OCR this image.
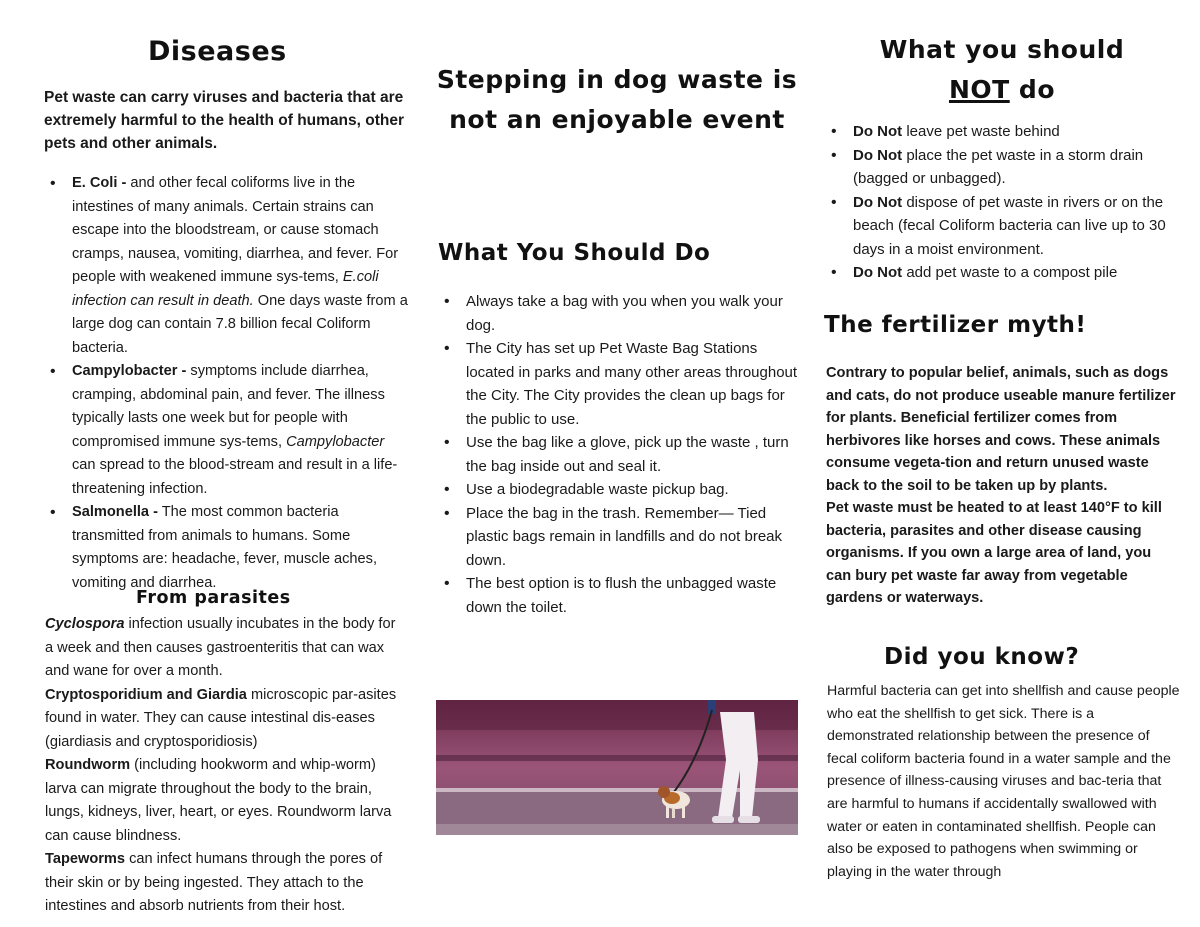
Diseases
Pet waste can carry viruses and bacteria that are extremely harmful to the health of humans, other pets and other animals.
• E. Coli - and other fecal coliforms live in the intestines of many animals. Certain strains can escape into the bloodstream, or cause stomach cramps, nausea, vomiting, diarrhea, and fever. For people with weakened immune sys-tems, E.coli infection can result in death. One days waste from a large dog can contain 7.8 billion fecal Coliform bacteria.
• Campylobacter - symptoms include diarrhea, cramping, abdominal pain, and fever. The illness typically lasts one week but for people with compromised immune sys-tems, Campylobacter can spread to the blood-stream and result in a life-threatening infection.
• Salmonella - The most common bacteria transmitted from animals to humans. Some symptoms are: headache, fever, muscle aches, vomiting and diarrhea.
From parasites

Cyclospora infection usually incubates in the body for a week and then causes gastroenteritis that can wax and wane for over a month.

Cryptosporidium and Giardia microscopic par-asites found in water. They can cause intestinal dis-eases (giardiasis and cryptosporidiosis)

Roundworm (including hookworm and whip-worm) larva can migrate throughout the body to the brain, lungs, kidneys, liver, heart, or eyes. Roundworm larva can cause blindness.

Tapeworms can infect humans through the pores of their skin or by being ingested. They attach to the intestines and absorb nutrients from their host.

Stepping in dog waste is not an enjoyable event
What You Should Do
• Always take a bag with you when you walk your dog.
• The City has set up Pet Waste Bag Stations located in parks and many other areas throughout the City. The City provides the clean up bags for the public to use.
• Use the bag like a glove, pick up the waste , turn the bag inside out and seal it.
• Use a biodegradable waste pickup bag.
• Place the bag in the trash. Remember— Tied plastic bags remain in landfills and do not break down.
• The best option is to flush the unbagged waste down the toilet.
What you should
NOT do
• Do Not leave pet waste behind
• Do Not place the pet waste in a storm drain (bagged or unbagged).
• Do Not dispose of pet waste in rivers or on the beach (fecal Coliform bacteria can live up to 30 days in a moist environment.
• Do Not add pet waste to a compost pile
The fertilizer myth!

Contrary to popular belief, animals, such as dogs and cats, do not produce useable manure fertilizer for plants. Beneficial fertilizer comes from herbivores like horses and cows. These animals consume vegeta-tion and return unused waste back to the soil to be taken up by plants.

Pet waste must be heated to at least 140°F to kill bacteria, parasites and other disease causing organisms. If you own a large area of land, you can bury pet waste far away from vegetable gardens or waterways.

Did you know?
Harmful bacteria can get into shellfish and cause people who eat the shellfish to get sick. There is a demonstrated relationship between the presence of fecal coliform bacteria found in a water sample and the presence of illness-causing viruses and bac-teria that are harmful to humans if accidentally swallowed with water or eaten in contaminated shellfish. People can also be exposed to pathogens when swimming or playing in the water through
